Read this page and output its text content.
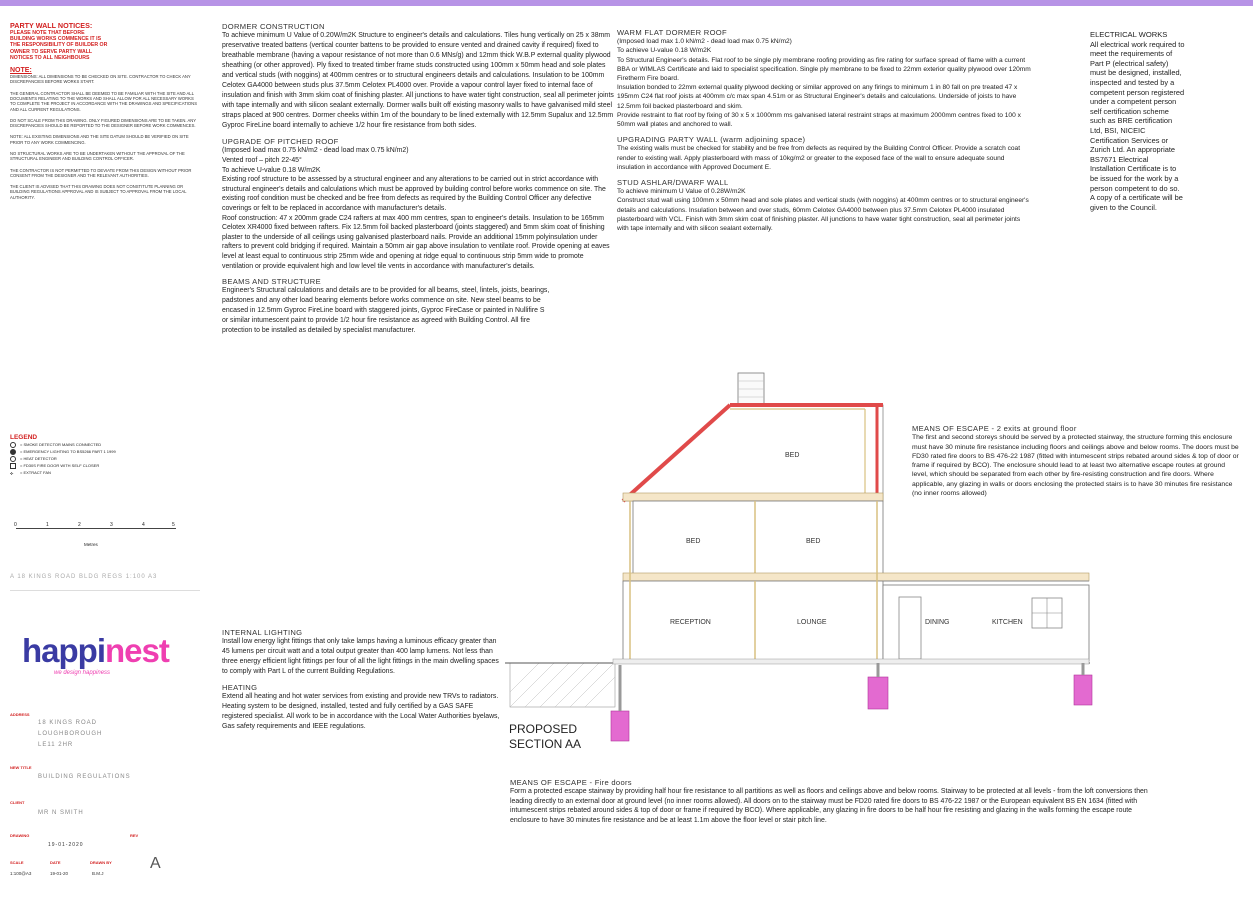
PARTY WALL NOTICES:

PLEASE NOTE THAT BEFORE BUILDING WORKS COMMENCE IT IS THE RESPONSIBILITY OF BUILDER OR OWNER TO SERVE PARTY WALL NOTICES TO ALL NEIGHBOURS

NOTE:

DIMENSIONS: ALL DIMENSIONS TO BE CHECKED ON SITE. CONTRACTOR TO CHECK ANY DISCREPANCIES BEFORE WORKS START.

THE GENERAL CONTRACTOR SHALL BE DEEMED TO BE FAMILIAR WITH THE SITE AND ALL DOCUMENTS RELATING TO THE WORKS AND SHALL ALLOW FOR ALL NECESSARY WORKS TO COMPLETE THE PROJECT IN ACCORDANCE WITH THE DRAWINGS AND SPECIFICATIONS AND ALL CURRENT REGULATIONS.

DO NOT SCALE FROM THIS DRAWING. ONLY FIGURED DIMENSIONS ARE TO BE TAKEN. ANY DISCREPANCIES SHOULD BE REPORTED TO THE DESIGNER BEFORE WORK COMMENCES.

NOTE: ALL EXISTING DIMENSIONS AND THE SITE DATUM SHOULD BE VERIFIED ON SITE PRIOR TO ANY WORK COMMENCING.

NO STRUCTURAL WORKS ARE TO BE UNDERTAKEN WITHOUT THE APPROVAL OF THE STRUCTURAL ENGINEER AND BUILDING CONTROL OFFICER.

THE CONTRACTOR IS NOT PERMITTED TO DEVIATE FROM THIS DESIGN WITHOUT PRIOR CONSENT FROM THE DESIGNER AND THE RELEVANT AUTHORITIES.

THE CLIENT IS ADVISED THAT THIS DRAWING DOES NOT CONSTITUTE PLANNING OR BUILDING REGULATIONS APPROVAL AND IS SUBJECT TO APPROVAL FROM THE LOCAL AUTHORITY.

LEGEND

= SMOKE DETECTOR MAINS CONNECTED
= EMERGENCY LIGHTING TO BS5266 PART 1 1999
= HEAT DETECTOR
= FD30S FIRE DOOR WITH SELF CLOSER
✣	= EXTRACT FAN
0	1	2	3	4	5
Metres
A 18 KINGS ROAD BLDG REGS 1:100 A3
happinest
we design happiness
ADDRESS
18 KINGS ROAD
LOUGHBOROUGH
LE11 2HR
NEW TITLE
BUILDING REGULATIONS
CLIENT
MR N SMITH
DRAWING
19-01-2020
REV
A
SCALE	DATE	DRAWN BY
1:100@A3	19-01-20	B.M.J
DORMER CONSTRUCTION

To achieve minimum U Value of 0.20W/m2K Structure to engineer's details and calculations. Tiles hung vertically on 25 x 38mm preservative treated battens (vertical counter battens to be provided to ensure vented and drained cavity if required) fixed to breathable membrane (having a vapour resistance of not more than 0.6 MNs/g) and 12mm thick W.B.P external quality plywood sheathing (or other approved). Ply fixed to treated timber frame studs constructed using 100mm x 50mm head and sole plates and vertical studs (with noggins) at 400mm centres or to structural engineers details and calculations. Insulation to be 100mm Celotex GA4000 between studs plus 37.5mm Celotex PL4000 over. Provide a vapour control layer fixed to internal face of insulation and finish with 3mm skim coat of finishing plaster. All junctions to have water tight construction, seal all perimeter joints with tape internally and with silicon sealant externally. Dormer walls built off existing masonry walls to have galvanised mild steel straps placed at 900 centres. Dormer cheeks within 1m of the boundary to be lined externally with 12.5mm Supalux and 12.5mm Gyproc FireLine board internally to achieve 1/2 hour fire resistance from both sides.

UPGRADE OF PITCHED ROOF

(Imposed load max 0.75 kN/m2 - dead load max 0.75 kN/m2)

Vented roof – pitch 22-45°

To achieve U-value 0.18 W/m2K

Existing roof structure to be assessed by a structural engineer and any alterations to be carried out in strict accordance with structural engineer's details and calculations which must be approved by building control before works commence on site. The existing roof condition must be checked and be free from defects as required by the Building Control Officer any defective coverings or felt to be replaced in accordance with manufacturer's details.

Roof construction: 47 x 200mm grade C24 rafters at max 400 mm centres, span to engineer's details. Insulation to be 165mm Celotex XR4000 fixed between rafters. Fix 12.5mm foil backed plasterboard (joints staggered) and 5mm skim coat of finishing plaster to the underside of all ceilings using galvanised plasterboard nails. Provide an additional 15mm polyinsulation under rafters to prevent cold bridging if required. Maintain a 50mm air gap above insulation to ventilate roof. Provide opening at eaves level at least equal to continuous strip 25mm wide and opening at ridge equal to continuous strip 5mm wide to promote ventilation or provide equivalent high and low level tile vents in accordance with manufacturer's details.

BEAMS AND STRUCTURE

Engineer's Structural calculations and details are to be provided for all beams, steel, lintels, joists, bearings, padstones and any other load bearing elements before works commence on site. New steel beams to be encased in 12.5mm Gyproc FireLine board with staggered joints, Gyproc FireCase or painted in Nullifire S or similar intumescent paint to provide 1/2 hour fire resistance as agreed with Building Control. All fire protection to be installed as detailed by specialist manufacturer.

INTERNAL LIGHTING

Install low energy light fittings that only take lamps having a luminous efficacy greater than 45 lumens per circuit watt and a total output greater than 400 lamp lumens. Not less than three energy efficient light fittings per four of all the light fittings in the main dwelling spaces to comply with Part L of the current Building Regulations.

HEATING

Extend all heating and hot water services from existing and provide new TRVs to radiators. Heating system to be designed, installed, tested and fully certified by a GAS SAFE registered specialist. All work to be in accordance with the Local Water Authorities byelaws, Gas safety requirements and IEEE regulations.

WARM FLAT DORMER ROOF

(Imposed load max 1.0 kN/m2 - dead load max 0.75 kN/m2)

To achieve U-value 0.18 W/m2K

To Structural Engineer's details. Flat roof to be single ply membrane roofing providing as fire rating for surface spread of flame with a current BBA or WIMLAS Certificate and laid to specialist specification. Single ply membrane to be fixed to 22mm exterior quality plywood over 120mm Firetherm Fire board.

Insulation bonded to 22mm external quality plywood decking or similar approved on any firings to minimum 1 in 80 fall on pre treated 47 x 195mm C24 flat roof joists at 400mm c/c max span 4.51m or as Structural Engineer's details and calculations. Underside of joists to have 12.5mm foil backed plasterboard and skim.

Provide restraint to flat roof by fixing of 30 x 5 x 1000mm ms galvanised lateral restraint straps at maximum 2000mm centres fixed to 100 x 50mm wall plates and anchored to wall.

UPGRADING PARTY WALL (warm adjoining space)

The existing walls must be checked for stability and be free from defects as required by the Building Control Officer. Provide a scratch coat render to existing wall. Apply plasterboard with mass of 10kg/m2 or greater to the exposed face of the wall to ensure adequate sound insulation in accordance with Approved Document E.

STUD ASHLAR/DWARF WALL

To achieve minimum U Value of 0.28W/m2K

Construct stud wall using 100mm x 50mm head and sole plates and vertical studs (with noggins) at 400mm centres or to structural engineer's details and calculations. Insulation between and over studs, 60mm Celotex GA4000 between plus 37.5mm Celotex PL4000 insulated plasterboard with VCL. Finish with 3mm skim coat of finishing plaster. All junctions to have water tight construction, seal all perimeter joints with tape internally and with silicon sealant externally.

ELECTRICAL WORKS

All electrical work required to meet the requirements of Part P (electrical safety) must be designed, installed, inspected and tested by a competent person registered under a competent person self certification scheme such as BRE certification Ltd, BSI, NICEIC Certification Services or Zurich Ltd. An appropriate BS7671 Electrical Installation Certificate is to be issued for the work by a person competent to do so. A copy of a certificate will be given to the Council.

MEANS OF ESCAPE - 2 exits at ground floor

The first and second storeys should be served by a protected stairway, the structure forming this enclosure must have 30 minute fire resistance including floors and ceilings above and below rooms. The doors must be FD30 rated fire doors to BS 476-22 1987 (fitted with intumescent strips rebated around sides & top of door or frame if required by BCO). The enclosure should lead to at least two alternative escape routes at ground level, which should be separated from each other by fire-resisting construction and fire doors. Where applicable, any glazing in walls or doors enclosing the protected stairs is to have 30 minutes fire resistance (no inner rooms allowed)

MEANS OF ESCAPE - Fire doors

Form a protected escape stairway by providing half hour fire resistance to all partitions as well as floors and ceilings above and below rooms. Stairway to be protected at all levels - from the loft conversions then leading directly to an external door at ground level (no inner rooms allowed). All doors on to the stairway must be FD20 rated fire doors to BS 476-22 1987 or the European equivalent BS EN 1634 (fitted with intumescent strips rebated around sides & top of door or frame if required by BCO). Where applicable, any glazing in fire doors to be half hour fire resisting and glazing in the walls forming the escape route enclosure to have 30 minutes fire resistance and be at least 1.1m above the floor level or stair pitch line.

BED
BED	BED
RECEPTION	LOUNGE	DINING	KITCHEN
PROPOSED
SECTION AA
